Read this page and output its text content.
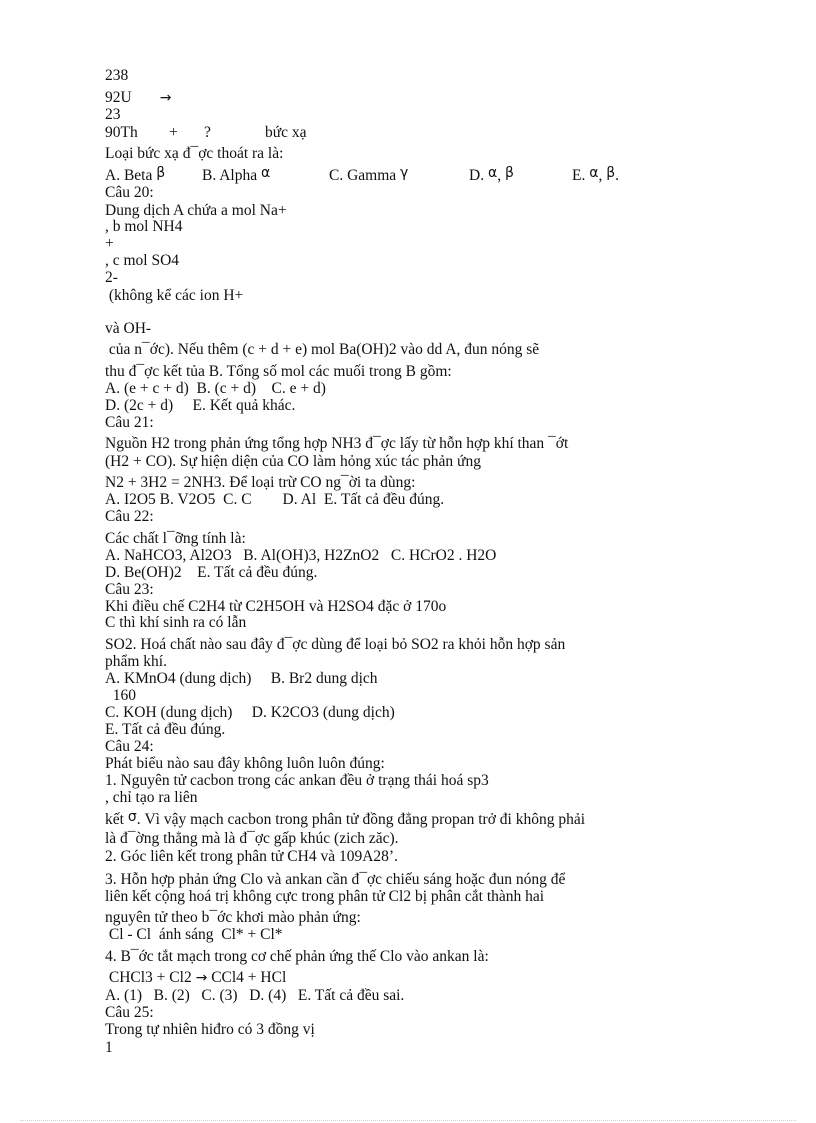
238
92U →
23
90Th + ?	bức xạ
Loại bức xạ đ¯ợc thoát ra là:
A. Beta β B. Alpha α	C. Gamma γ	D. α, β	E. α, β.
Câu 20:
Dung dịch A chứa a mol Na+
, b mol NH4
+
, c mol SO4
2-
(không kể các ion H+
và OH-
của n¯ớc). Nếu thêm (c + d + e) mol Ba(OH)2 vào dd A, đun nóng sẽ
thu đ¯ợc kết tủa B. Tổng số mol các muối trong B gồm:
A. (e + c + d)  B. (c + d)    C. e + d)
D. (2c + d)     E. Kết quả khác.
Câu 21:
Nguồn H2 trong phản ứng tổng hợp NH3 đ¯ợc lấy từ hỗn hợp khí than ¯ớt
(H2 + CO). Sự hiện diện của CO làm hỏng xúc tác phản ứng
N2 + 3H2 = 2NH3. Để loại trừ CO ng¯ời ta dùng:
A. I2O5 B. V2O5  C. C        D. Al  E. Tất cả đều đúng.
Câu 22:
Các chất l¯ỡng tính là:
A. NaHCO3, Al2O3   B. Al(OH)3, H2ZnO2   C. HCrO2 . H2O
D. Be(OH)2    E. Tất cả đều đúng.
Câu 23:
Khi điều chế C2H4 từ C2H5OH và H2SO4 đặc ở 170o
C thì khí sinh ra có lẫn
SO2. Hoá chất nào sau đây đ¯ợc dùng để loại bỏ SO2 ra khỏi hỗn hợp sản
phẩm khí.
A. KMnO4 (dung dịch)     B. Br2 dung dịch
160
C. KOH (dung dịch)     D. K2CO3 (dung dịch)
E. Tất cả đều đúng.
Câu 24:
Phát biểu nào sau đây không luôn luôn đúng:
1. Nguyên tử cacbon trong các ankan đều ở trạng thái hoá sp3
, chỉ tạo ra liên
kết σ. Vì vậy mạch cacbon trong phân tử đồng đẳng propan trở đi không phải
là đ¯ờng thẳng mà là đ¯ợc gấp khúc (zich zăc).
2. Góc liên kết trong phân tử CH4 và 109A28’.
3. Hỗn hợp phản ứng Clo và ankan cần đ¯ợc chiếu sáng hoặc đun nóng để
liên kết cộng hoá trị không cực trong phân tử Cl2 bị phân cắt thành hai
nguyên tử theo b¯ớc khơi mào phản ứng:
Cl - Cl  ánh sáng  Cl* + Cl*
4. B¯ớc tắt mạch trong cơ chế phản ứng thế Clo vào ankan là:
CHCl3 + Cl2 → CCl4 + HCl
A. (1)   B. (2)   C. (3)   D. (4)   E. Tất cả đều sai.
Câu 25:
Trong tự nhiên hiđro có 3 đồng vị
1
